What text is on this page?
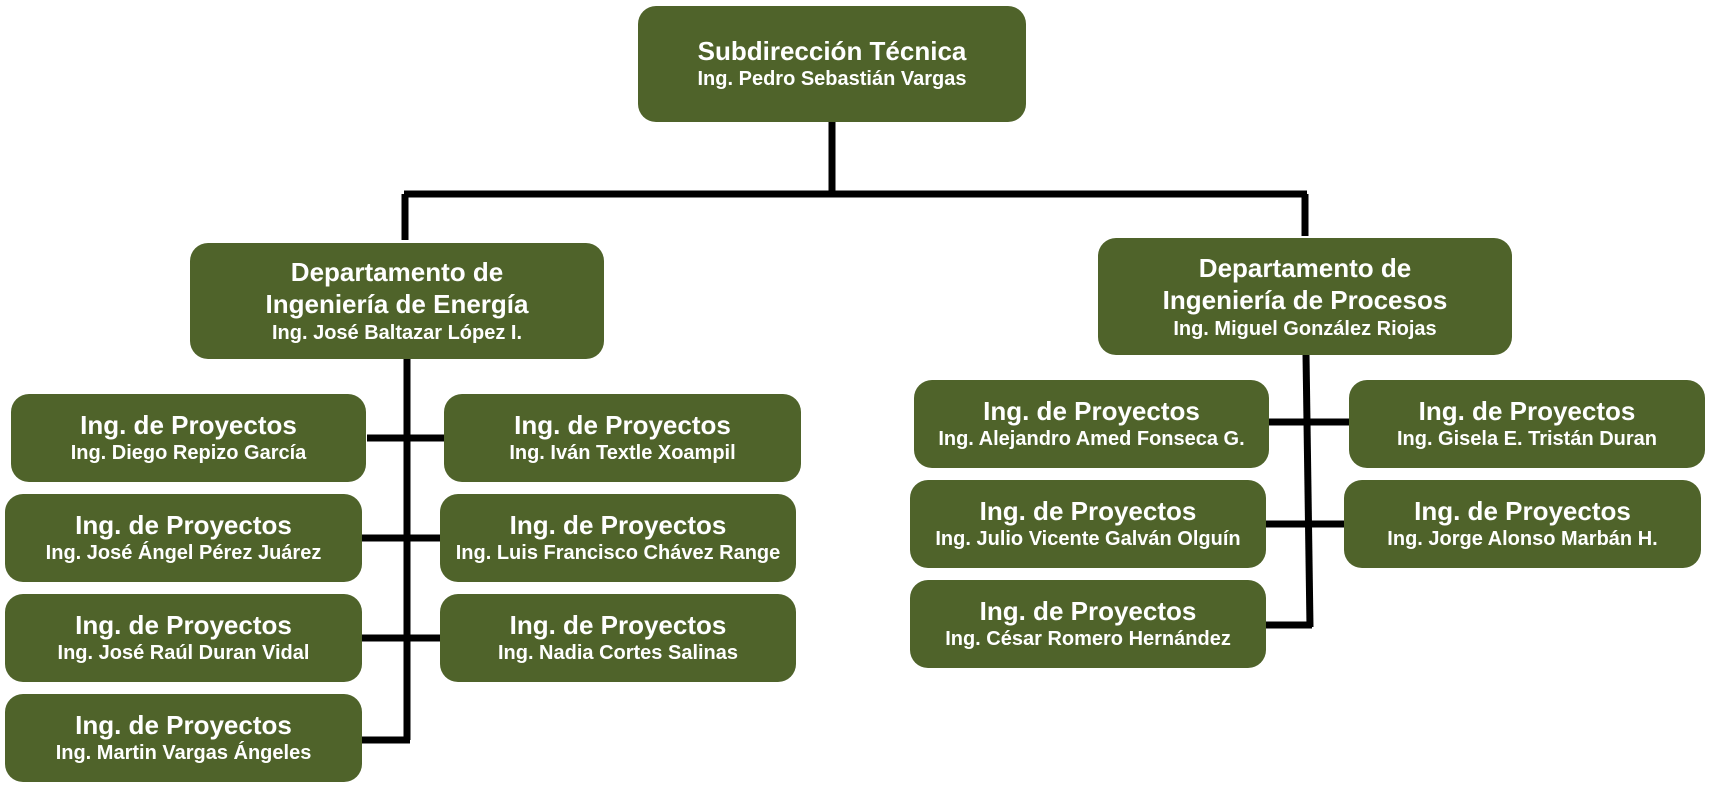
Subdirección Técnica
Ing. Pedro Sebastián Vargas
Departamento de
Ingeniería de Energía
Ing. José Baltazar López I.
Departamento de
Ingeniería de Procesos
Ing. Miguel González Riojas
Ing. de Proyectos
Ing. Diego Repizo García
Ing. de Proyectos
Ing. José Ángel Pérez Juárez
Ing. de Proyectos
Ing. José Raúl Duran Vidal
Ing. de Proyectos
Ing. Martin Vargas Ángeles
Ing. de Proyectos
Ing. Iván Textle Xoampil
Ing. de Proyectos
Ing. Luis Francisco Chávez Range
Ing. de Proyectos
Ing. Nadia Cortes Salinas
Ing. de Proyectos
Ing. Alejandro Amed Fonseca G.
Ing. de Proyectos
Ing. Julio Vicente Galván Olguín
Ing. de Proyectos
Ing. César Romero Hernández
Ing. de Proyectos
Ing. Gisela E. Tristán Duran
Ing. de Proyectos
Ing. Jorge Alonso Marbán H.
